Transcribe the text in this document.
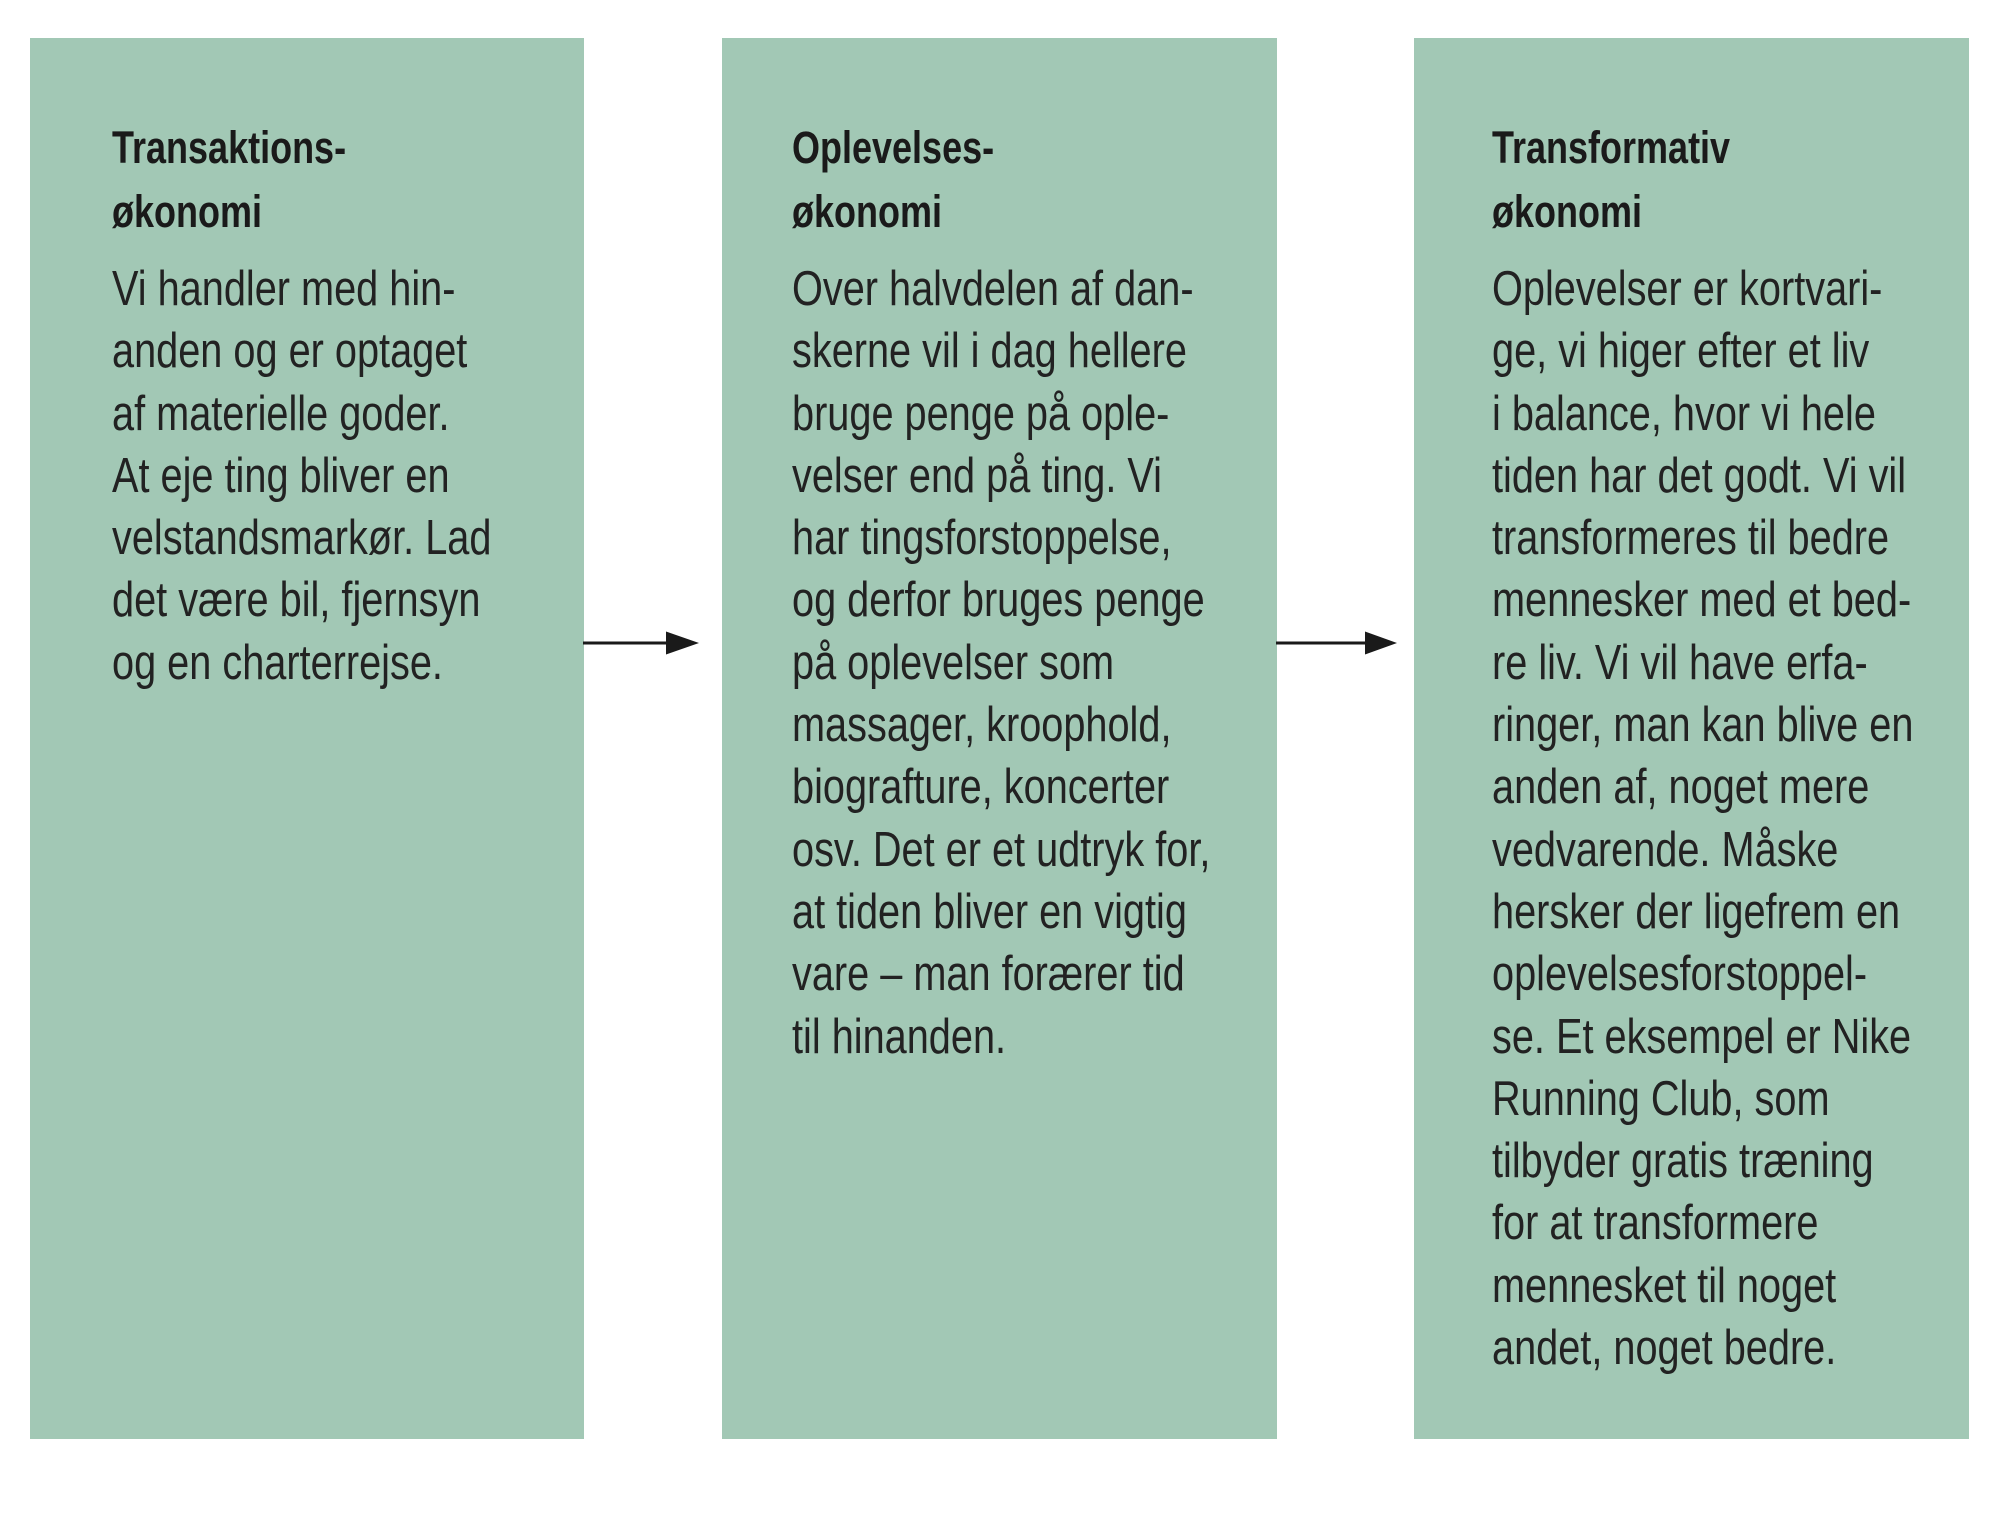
Transaktions-
økonomi
Vi handler med hin-
anden og er optaget
af materielle goder.
At eje ting bliver en
velstandsmarkør. Lad
det være bil, fjernsyn
og en charterrejse.
Oplevelses-
økonomi
Over halvdelen af dan-
skerne vil i dag hellere
bruge penge på ople-
velser end på ting. Vi
har tingsforstoppelse,
og derfor bruges penge
på oplevelser som
massager, kroophold,
biografture, koncerter
osv. Det er et udtryk for,
at tiden bliver en vigtig
vare – man forærer tid
til hinanden.
Transformativ
økonomi
Oplevelser er kortvari-
ge, vi higer efter et liv
i balance, hvor vi hele
tiden har det godt. Vi vil
transformeres til bedre
mennesker med et bed-
re liv. Vi vil have erfa-
ringer, man kan blive en
anden af, noget mere
vedvarende. Måske
hersker der ligefrem en
oplevelsesforstoppel-
se. Et eksempel er Nike
Running Club, som
tilbyder gratis træning
for at transformere
mennesket til noget
andet, noget bedre.
